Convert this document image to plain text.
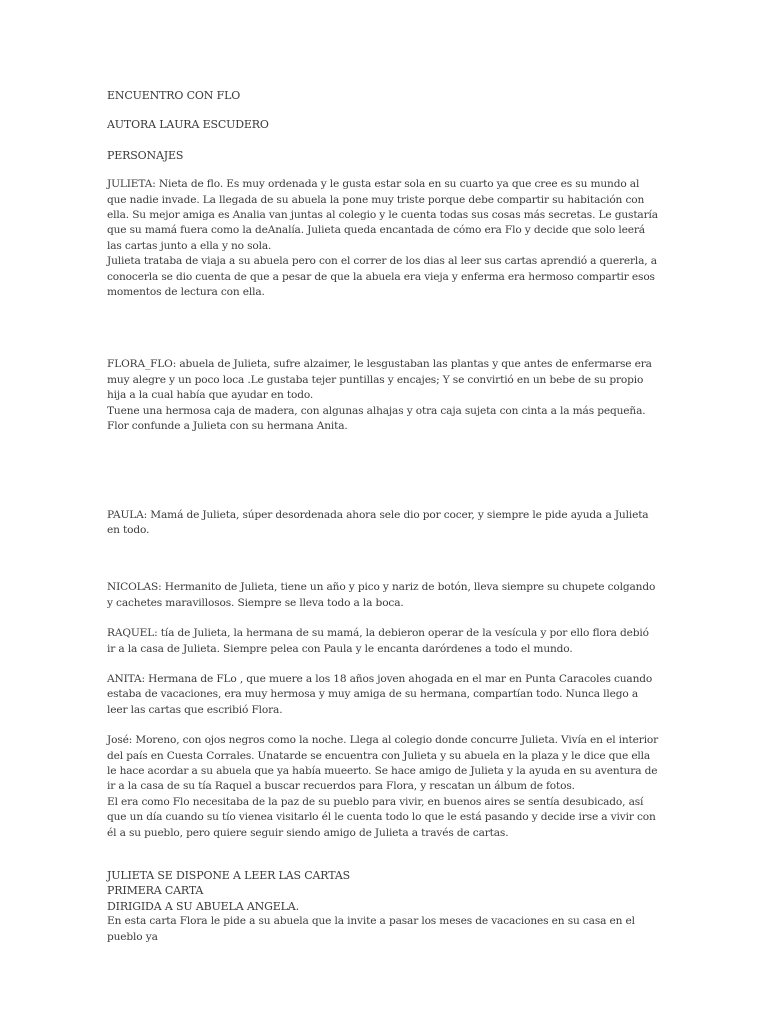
ENCUENTRO CON FLO

AUTORA LAURA ESCUDERO

PERSONAJES

JULIETA: Nieta de flo. Es muy ordenada y le gusta estar sola en su cuarto ya que cree es su mundo al que nadie invade. La llegada de su abuela la pone muy triste porque debe compartir su habitación con ella. Su mejor amiga es Analia van juntas al colegio y le cuenta todas sus cosas más secretas. Le gustaría que su mamá fuera como la deAnalía. Julieta queda encantada de cómo era Flo y decide que solo leerá las cartas junto a ella y no sola.

Julieta trataba de viaja a su abuela pero con el correr de los dias al leer sus cartas aprendió a quererla, a conocerla se dio cuenta de que a pesar de que la abuela era vieja y enferma era hermoso compartir esos momentos de lectura con ella.

FLORA_FLO: abuela de Julieta, sufre alzaimer, le lesgustaban las plantas y que antes de enfermarse era muy alegre y un poco loca .Le gustaba tejer puntillas y encajes; Y se convirtió en un bebe de su propio hija a la cual había que ayudar en todo.

Tuene una hermosa caja de madera, con algunas alhajas y otra caja sujeta con cinta a la más pequeña. Flor confunde a Julieta con su hermana Anita.

PAULA: Mamá de Julieta, súper desordenada ahora sele dio por cocer, y siempre le pide ayuda a Julieta en todo.

NICOLAS: Hermanito de Julieta, tiene un año y pico y nariz de botón, lleva siempre su chupete colgando y cachetes maravillosos. Siempre se lleva todo a la boca.

RAQUEL: tía de Julieta, la hermana de su mamá, la debieron operar de la vesícula y por ello flora debió ir a la casa de Julieta. Siempre pelea con Paula y le encanta darórdenes a todo el mundo.

ANITA: Hermana de FLo , que muere a los 18 años joven ahogada en el mar en Punta Caracoles cuando estaba de vacaciones, era muy hermosa y muy amiga de su hermana, compartían todo. Nunca llego a leer las cartas que escribió Flora.

José: Moreno, con ojos negros como la noche. Llega al colegio donde concurre Julieta. Vivía en el interior del país en Cuesta Corrales. Unatarde se encuentra con Julieta y su abuela en la plaza y le dice que ella le hace acordar a su abuela que ya había mueerto. Se hace amigo de Julieta y la ayuda en su aventura de ir a la casa de su tía Raquel a buscar recuerdos para Flora, y rescatan un álbum de fotos.

El era como Flo necesitaba de la paz de su pueblo para vivir, en buenos aires se sentía desubicado, así que un día cuando su tío vienea visitarlo él le cuenta todo lo que le está pasando y decide irse a vivir con él a su pueblo, pero quiere seguir siendo amigo de Julieta a través de cartas.

JULIETA SE DISPONE A LEER LAS CARTAS

PRIMERA CARTA

DIRIGIDA A SU ABUELA ANGELA.

En esta carta Flora le pide a su abuela que la invite a pasar los meses de vacaciones en su casa en el pueblo ya
